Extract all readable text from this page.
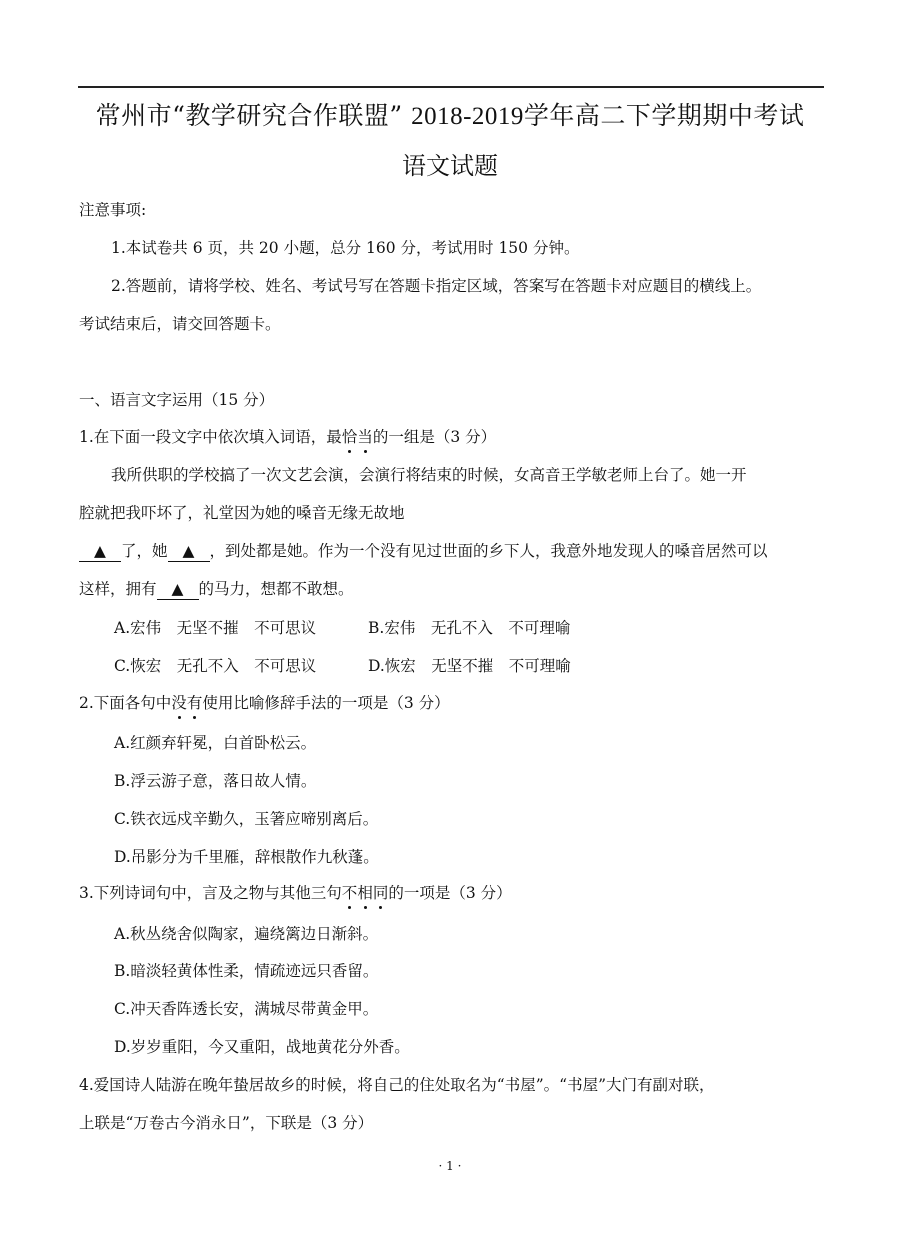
常州市“教学研究合作联盟” 2018-2019学年高二下学期期中考试
语文试题
注意事项:
1.本试卷共 6 页，共 20 小题，总分 160 分，考试用时 150 分钟。
2.答题前，请将学校、姓名、考试号写在答题卡指定区域，答案写在答题卡对应题目的横线上。
考试结束后，请交回答题卡。
一、语言文字运用（15 分）
1.在下面一段文字中依次填入词语，最恰当的一组是（3 分）
我所供职的学校搞了一次文艺会演，会演行将结束的时候，女高音王学敏老师上台了。她一开
腔就把我吓坏了，礼堂因为她的嗓音无缘无故地
▲ 了，她 ▲ ，到处都是她。作为一个没有见过世面的乡下人，我意外地发现人的嗓音居然可以
这样，拥有 ▲ 的马力，想都不敢想。
A.宏伟　无坚不摧　不可思议	B.宏伟　无孔不入　不可理喻
C.恢宏　无孔不入　不可思议	D.恢宏　无坚不摧　不可理喻
2.下面各句中没有使用比喻修辞手法的一项是（3 分）
A.红颜弃轩冕，白首卧松云。
B.浮云游子意，落日故人情。
C.铁衣远戍辛勤久，玉箸应啼别离后。
D.吊影分为千里雁，辞根散作九秋蓬。
3.下列诗词句中，言及之物与其他三句不相同的一项是（3 分）
A.秋丛绕舍似陶家，遍绕篱边日渐斜。
B.暗淡轻黄体性柔，情疏迹远只香留。
C.冲天香阵透长安，满城尽带黄金甲。
D.岁岁重阳，今又重阳，战地黄花分外香。
4.爱国诗人陆游在晚年蛰居故乡的时候，将自己的住处取名为“书屋”。“书屋”大门有副对联，
上联是“万卷古今消永日”，下联是（3 分）
· 1 ·
